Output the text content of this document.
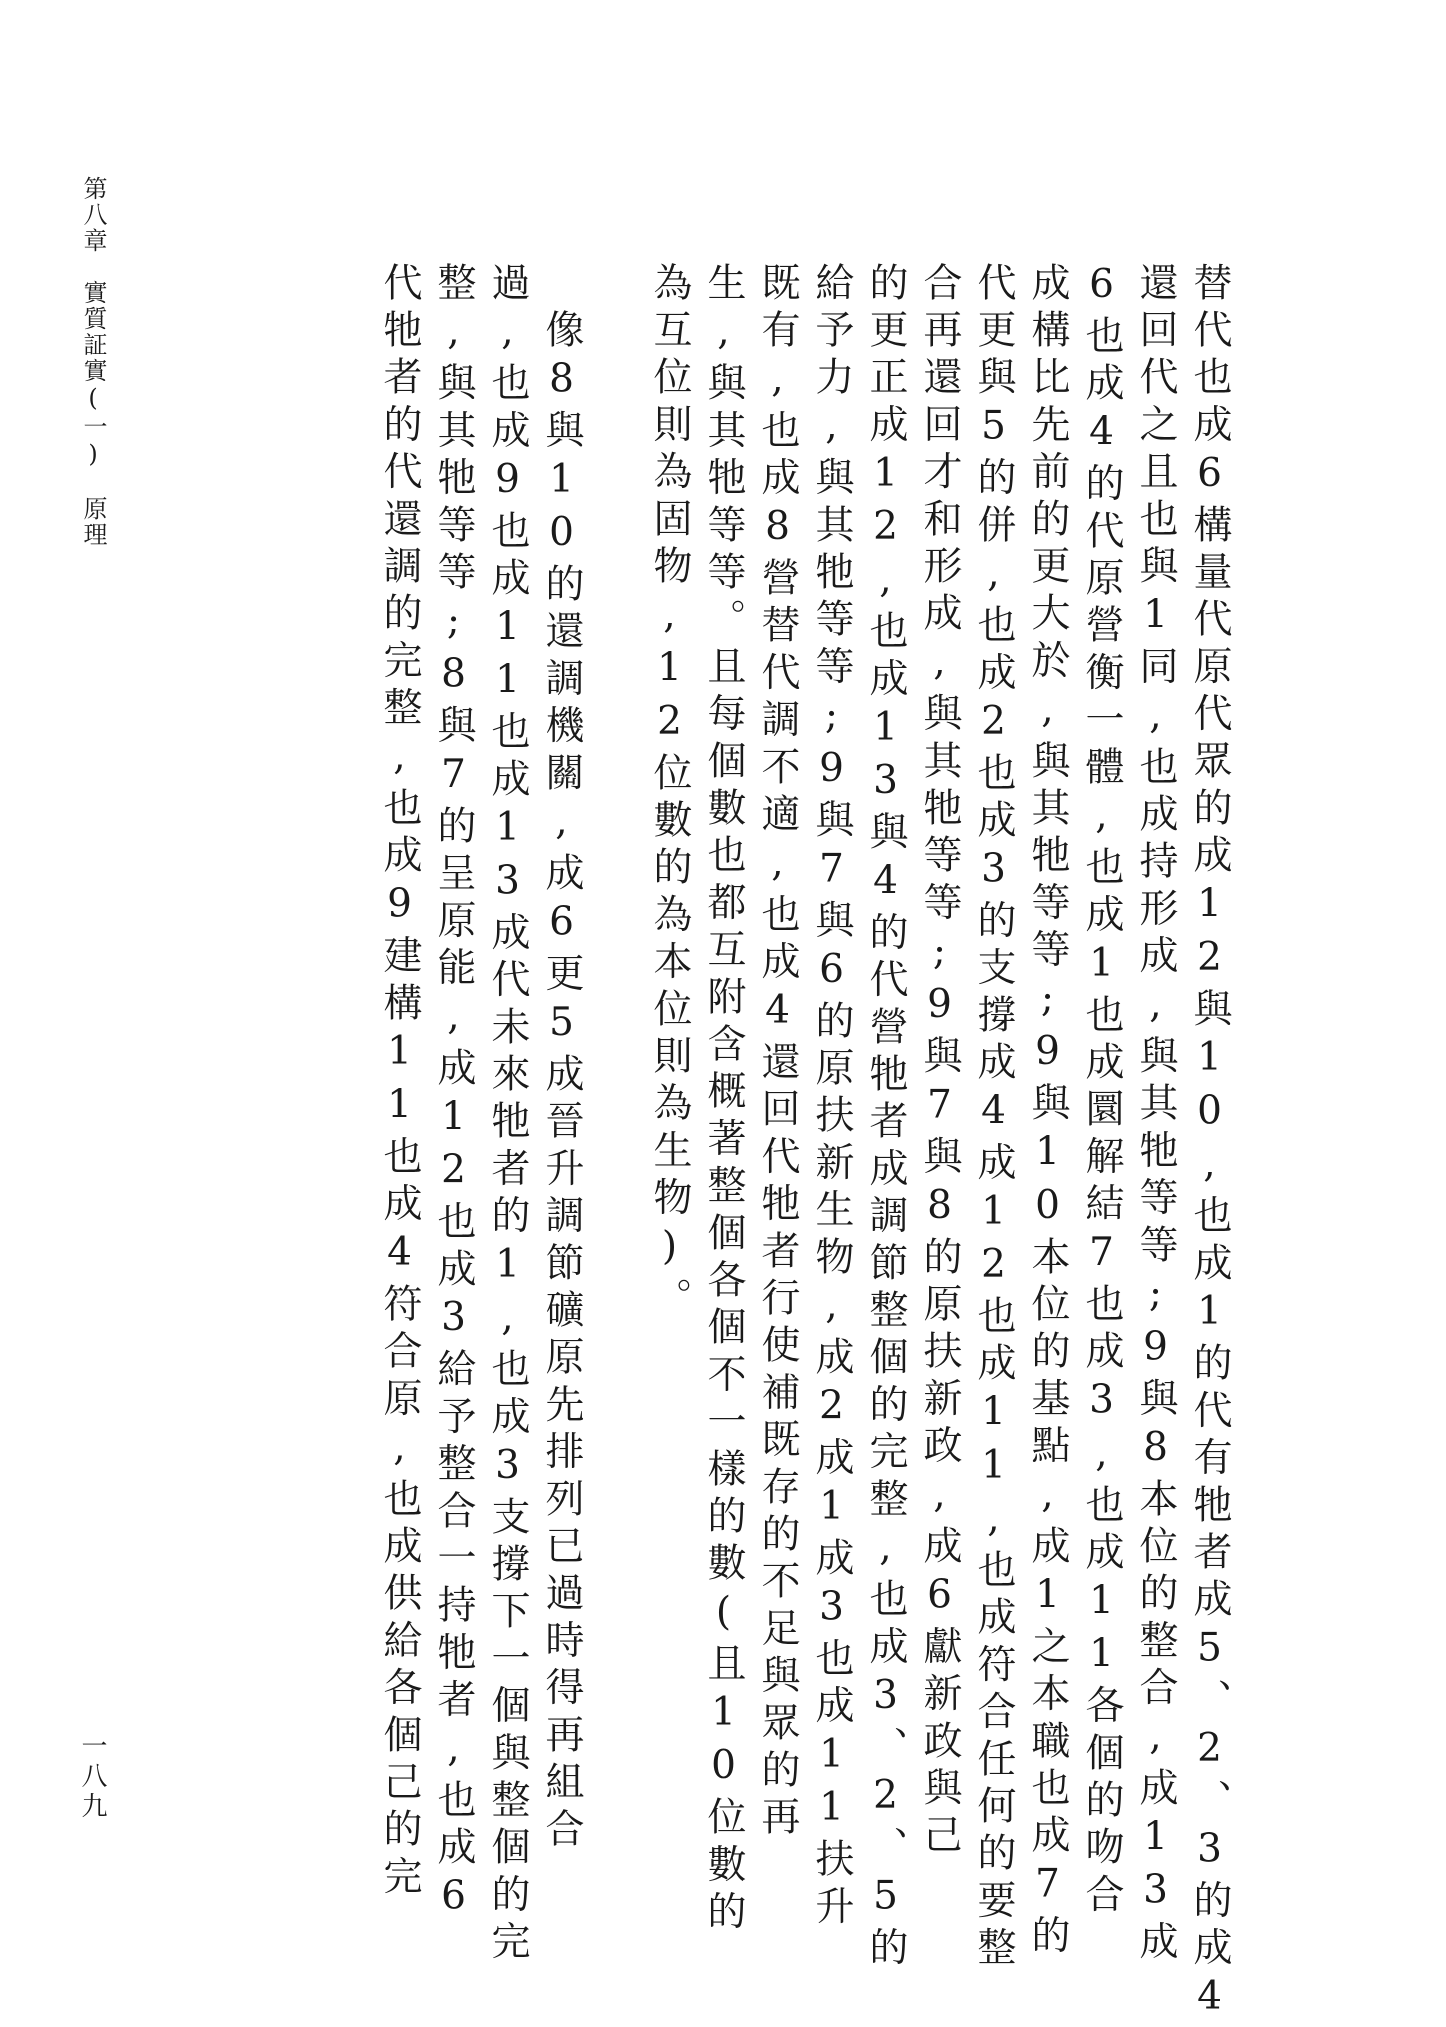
第八章　實質証實(一)　原理
一八九	替代也成6構量代原代眾的成12與10,也成1的代有牠者成5、2、3的成4
還回代之且也與1同,也成持形成,與其牠等等;9與8本位的整合,成13成
6也成4的代原營衡一體,也成1也成圜解結7也成3,也成11各個的吻合
成構比先前的更大於,與其牠等等;9與10本位的基點,成1之本職也成7的
代更與5的併,也成2也成3的支撐成4成12也成11,也成符合任何的要整
合再還回才和形成,與其牠等等;9與7與8的原扶新政,成6獻新政與己
的更正成12,也成13與4的代營牠者成調節整個的完整,也成3、2、5的
給予力,與其牠等等;9與7與6的原扶新生物,成2成1成3也成11扶升
既有,也成8營替代調不適,也成4還回代牠者行使補既存的不足與眾的再
生,與其牠等等。且每個數也都互附含概著整個各個不一樣的數(且10位數的
為互位則為固物,12位數的為本位則為生物)。
　像8與10的還調機關,成6更5成晉升調節礦原先排列已過時得再組合
過,也成9也成11也成13成代未來牠者的1,也成3支撐下一個與整個的完
整,與其牠等等;8與7的呈原能,成12也成3給予整合一持牠者,也成6
代牠者的代還調的完整,也成9建構11也成4符合原,也成供給各個己的完
